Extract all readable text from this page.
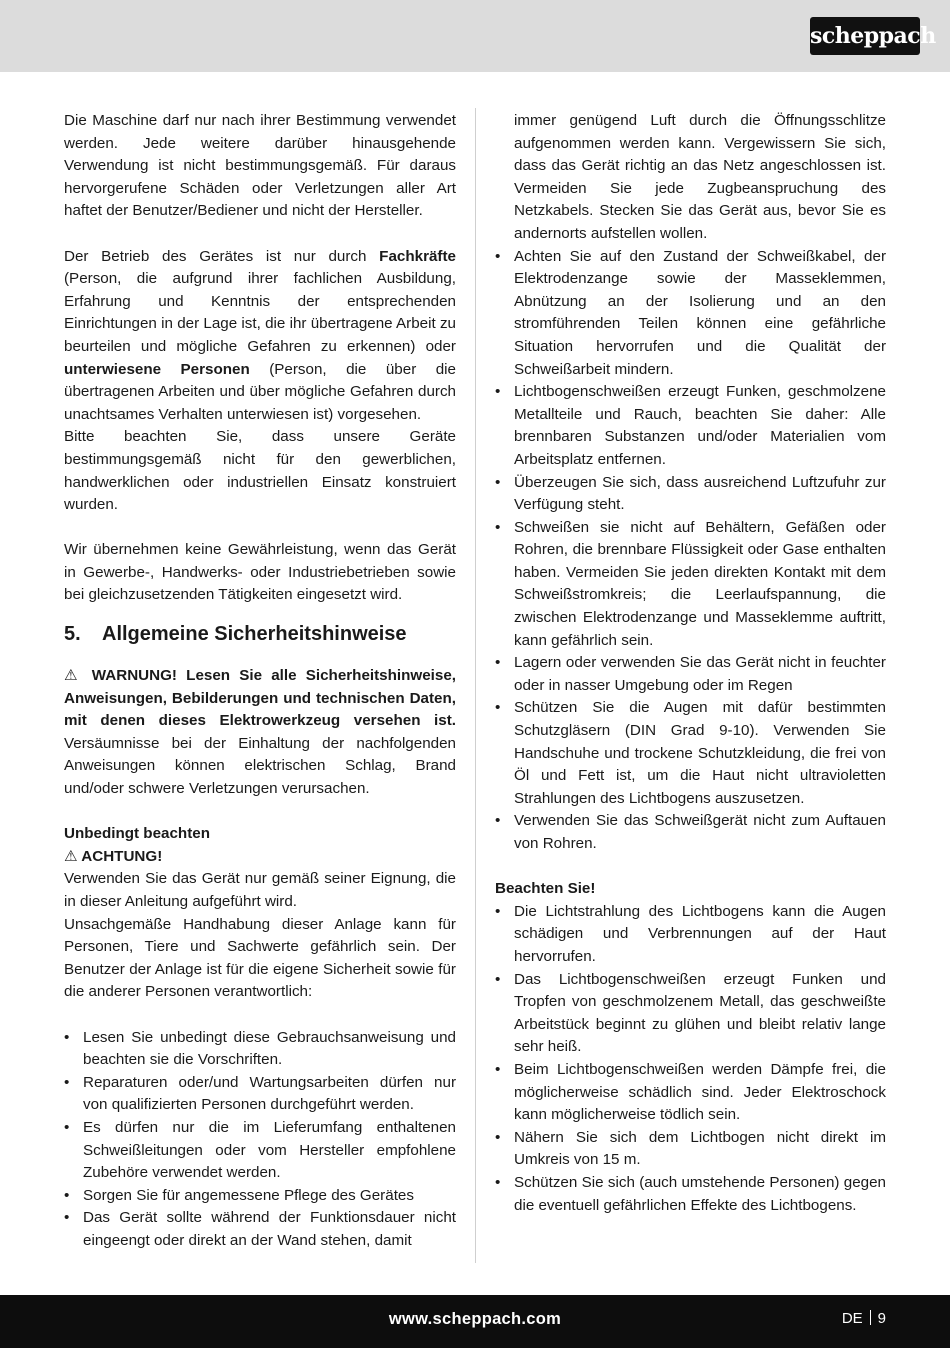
scheppach

Die Maschine darf nur nach ihrer Bestimmung verwendet werden. Jede weitere darüber hinausgehende Verwendung ist nicht bestimmungsgemäß. Für daraus hervorgerufene Schäden oder Verletzungen aller Art haftet der Benutzer/Bediener und nicht der Hersteller.

Der Betrieb des Gerätes ist nur durch Fachkräfte (Person, die aufgrund ihrer fachlichen Ausbildung, Erfahrung und Kenntnis der entsprechenden Einrichtungen in der Lage ist, die ihr übertragene Arbeit zu beurteilen und mögliche Gefahren zu erkennen) oder unterwiesene Personen (Person, die über die übertragenen Arbeiten und über mögliche Gefahren durch unachtsames Verhalten unterwiesen ist) vorgesehen.

Bitte beachten Sie, dass unsere Geräte bestimmungsgemäß nicht für den gewerblichen, handwerklichen oder industriellen Einsatz konstruiert wurden.

Wir übernehmen keine Gewährleistung, wenn das Gerät in Gewerbe-, Handwerks- oder Industriebetrieben sowie bei gleichzusetzenden Tätigkeiten eingesetzt wird.

5. Allgemeine Sicherheitshinweise

⚠ WARNUNG! Lesen Sie alle Sicherheitshinweise, Anweisungen, Bebilderungen und technischen Daten, mit denen dieses Elektrowerkzeug versehen ist. Versäumnisse bei der Einhaltung der nachfolgenden Anweisungen können elektrischen Schlag, Brand und/oder schwere Verletzungen verursachen.

Unbedingt beachten

⚠ ACHTUNG!

Verwenden Sie das Gerät nur gemäß seiner Eignung, die in dieser Anleitung aufgeführt wird.

Unsachgemäße Handhabung dieser Anlage kann für Personen, Tiere und Sachwerte gefährlich sein. Der Benutzer der Anlage ist für die eigene Sicherheit sowie für die anderer Personen verantwortlich:

• Lesen Sie unbedingt diese Gebrauchsanweisung und beachten sie die Vorschriften.
• Reparaturen oder/und Wartungsarbeiten dürfen nur von qualifizierten Personen durchgeführt werden.
• Es dürfen nur die im Lieferumfang enthaltenen Schweißleitungen oder vom Hersteller empfohlene Zubehöre verwendet werden.
• Sorgen Sie für angemessene Pflege des Gerätes
• Das Gerät sollte während der Funktionsdauer nicht eingeengt oder direkt an der Wand stehen, damit
immer genügend Luft durch die Öffnungsschlitze aufgenommen werden kann. Vergewissern Sie sich, dass das Gerät richtig an das Netz angeschlossen ist. Vermeiden Sie jede Zugbeanspruchung des Netzkabels. Stecken Sie das Gerät aus, bevor Sie es andernorts aufstellen wollen.
• Achten Sie auf den Zustand der Schweißkabel, der Elektrodenzange sowie der Masseklemmen, Abnützung an der Isolierung und an den stromführenden Teilen können eine gefährliche Situation hervorrufen und die Qualität der Schweißarbeit mindern.
• Lichtbogenschweißen erzeugt Funken, geschmolzene Metallteile und Rauch, beachten Sie daher: Alle brennbaren Substanzen und/oder Materialien vom Arbeitsplatz entfernen.
• Überzeugen Sie sich, dass ausreichend Luftzufuhr zur Verfügung steht.
• Schweißen sie nicht auf Behältern, Gefäßen oder Rohren, die brennbare Flüssigkeit oder Gase enthalten haben. Vermeiden Sie jeden direkten Kontakt mit dem Schweißstromkreis; die Leerlaufspannung, die zwischen Elektrodenzange und Masseklemme auftritt, kann gefährlich sein.
• Lagern oder verwenden Sie das Gerät nicht in feuchter oder in nasser Umgebung oder im Regen
• Schützen Sie die Augen mit dafür bestimmten Schutzgläsern (DIN Grad 9-10). Verwenden Sie Handschuhe und trockene Schutzkleidung, die frei von Öl und Fett ist, um die Haut nicht ultravioletten Strahlungen des Lichtbogens auszusetzen.
• Verwenden Sie das Schweißgerät nicht zum Auftauen von Rohren.

Beachten Sie!

• Die Lichtstrahlung des Lichtbogens kann die Augen schädigen und Verbrennungen auf der Haut hervorrufen.
• Das Lichtbogenschweißen erzeugt Funken und Tropfen von geschmolzenem Metall, das geschweißte Arbeitstück beginnt zu glühen und bleibt relativ lange sehr heiß.
• Beim Lichtbogenschweißen werden Dämpfe frei, die möglicherweise schädlich sind. Jeder Elektroschock kann möglicherweise tödlich sein.
• Nähern Sie sich dem Lichtbogen nicht direkt im Umkreis von 15 m.
• Schützen Sie sich (auch umstehende Personen) gegen die eventuell gefährlichen Effekte des Lichtbogens.
www.scheppach.com	DE 9
